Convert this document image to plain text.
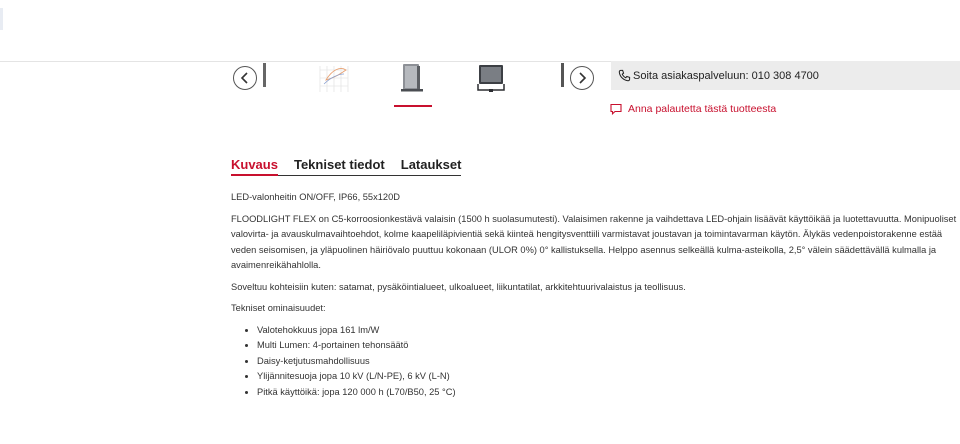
Soita asiakaspalveluun: 010 308 4700
Anna palautetta tästä tuotteesta
Kuvaus Tekniset tiedot Lataukset

LED-valonheitin ON/OFF, IP66, 55x120D

FLOODLIGHT FLEX on C5-korroosionkestävä valaisin (1500 h suolasumutesti). Valaisimen rakenne ja vaihdettava LED-ohjain lisäävät käyttöikää ja luotettavuutta. Monipuoliset valovirta- ja avauskulmavaihtoehdot, kolme kaapeliläpivientiä sekä kiinteä hengitysventtiili varmistavat joustavan ja toimintavarman käytön. Älykäs vedenpoistorakenne estää veden seisomisen, ja yläpuolinen häiriövalo puuttuu kokonaan (ULOR 0%) 0° kallistuksella. Helppo asennus selkeällä kulma-asteikolla, 2,5° välein säädettävällä kulmalla ja avaimenreikähahlolla.

Soveltuu kohteisiin kuten: satamat, pysäköintialueet, ulkoalueet, liikuntatilat, arkkitehtuurivalaistus ja teollisuus.

Tekniset ominaisuudet:

• Valotehokkuus jopa 161 lm/W
• Multi Lumen: 4-portainen tehonsäätö
• Daisy-ketjutusmahdollisuus
• Ylijännitesuoja jopa 10 kV (L/N-PE), 6 kV (L-N)
• Pitkä käyttöikä: jopa 120 000 h (L70/B50, 25 °C)
